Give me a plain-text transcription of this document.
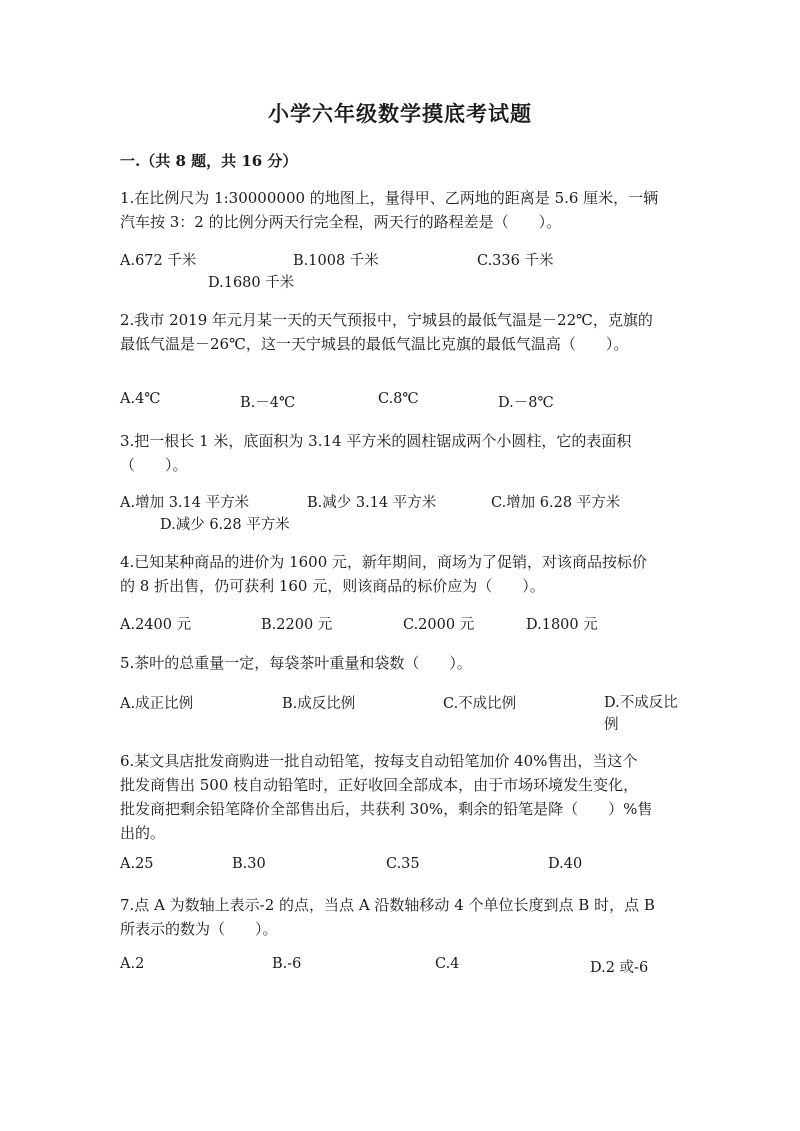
小学六年级数学摸底考试题
一.（共 8 题，共 16 分）
1.在比例尺为 1:30000000 的地图上，量得甲、乙两地的距离是 5.6 厘米，一辆
汽车按 3：2 的比例分两天行完全程，两天行的路程差是（　　）。
A.672 千米	B.1008 千米	C.336 千米
D.1680 千米
2.我市 2019 年元月某一天的天气预报中，宁城县的最低气温是－22℃，克旗的
最低气温是－26℃，这一天宁城县的最低气温比克旗的最低气温高（　　）。
A.4℃	B.－4℃	C.8℃	D.－8℃
3.把一根长 1 米，底面积为 3.14 平方米的圆柱锯成两个小圆柱，它的表面积
（　　）。
A.增加 3.14 平方米	B.减少 3.14 平方米	C.增加 6.28 平方米
D.减少 6.28 平方米
4.已知某种商品的进价为 1600 元，新年期间，商场为了促销，对该商品按标价
的 8 折出售，仍可获利 160 元，则该商品的标价应为（　　）。
A.2400 元	B.2200 元	C.2000 元	D.1800 元
5.茶叶的总重量一定，每袋茶叶重量和袋数（　　）。
A.成正比例	B.成反比例	C.不成比例	D.不成反比例
6.某文具店批发商购进一批自动铅笔，按每支自动铅笔加价 40%售出，当这个
批发商售出 500 枝自动铅笔时，正好收回全部成本，由于市场环境发生变化，
批发商把剩余铅笔降价全部售出后，共获利 30%，剩余的铅笔是降（　　）%售
出的。
A.25	B.30	C.35	D.40
7.点 A 为数轴上表示-2 的点，当点 A 沿数轴移动 4 个单位长度到点 B 时，点 B
所表示的数为（　　）。
A.2	B.-6	C.4	D.2 或-6
